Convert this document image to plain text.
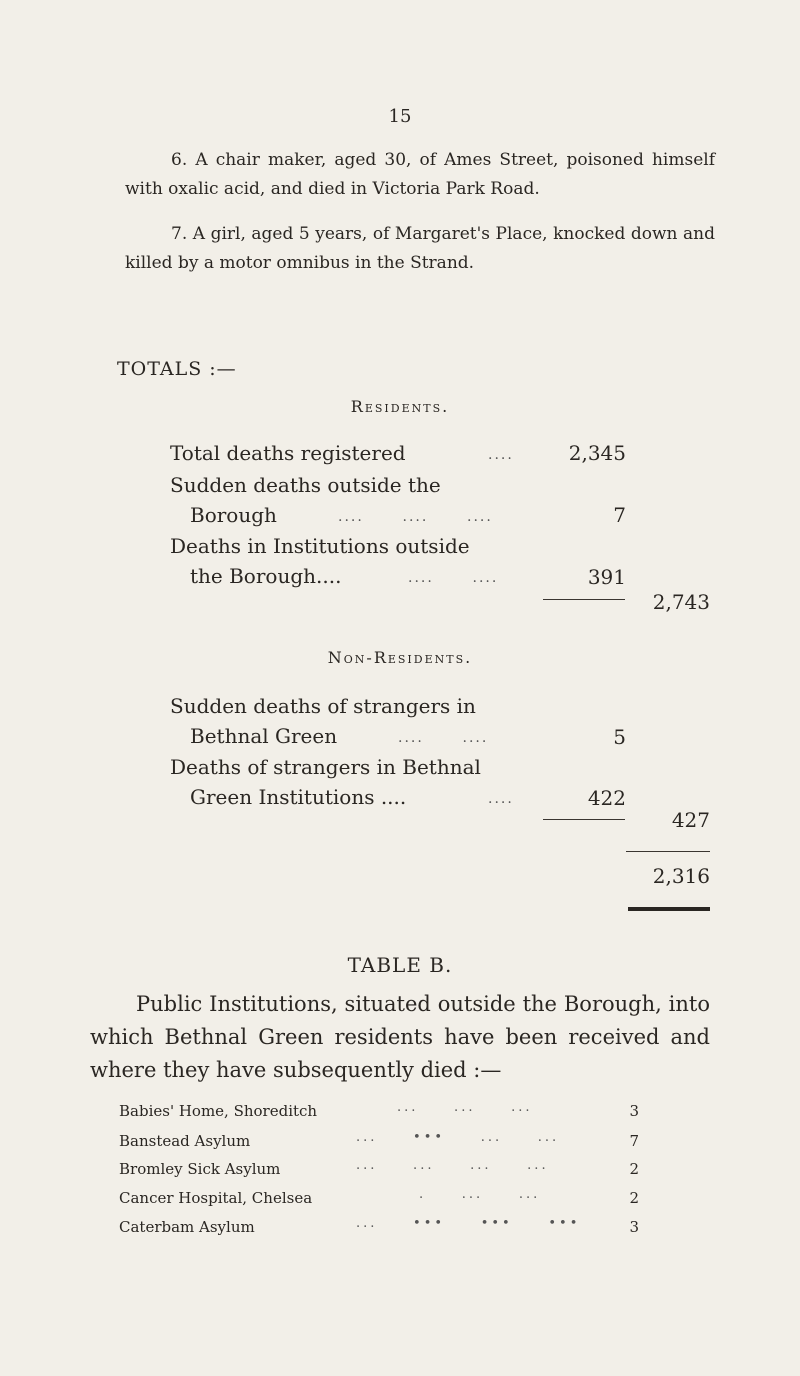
15
6. A chair maker, aged 30, of Ames Street, poisoned himself with oxalic acid, and died in Victoria Park Road.
7. A girl, aged 5 years, of Margaret's Place, knocked down and killed by a motor omnibus in the Strand.
TOTALS :—
Residents.
Total deaths registered	....	2,345
Sudden deaths outside the
Borough	....      ....      ....	7
Deaths in Institutions outside
the Borough....	....      ....	391
2,743
Non-Residents.
Sudden deaths of strangers in
Bethnal Green	....      ....	5
Deaths of strangers in Bethnal
Green Institutions ....	....	422
427
2,316
TABLE B.
Public Institutions, situated outside the Borough, into which Bethnal Green residents have been received and where they have subsequently died :—
Babies' Home, Shoreditch	...     ...     ...	3
Banstead Asylum	...     •••     ...     ...	7
Bromley Sick Asylum	...     ...     ...     ...	2
Cancer Hospital, Chelsea	.     ...     ...	2
Caterbam Asylum	...     •••     •••     •••	3
